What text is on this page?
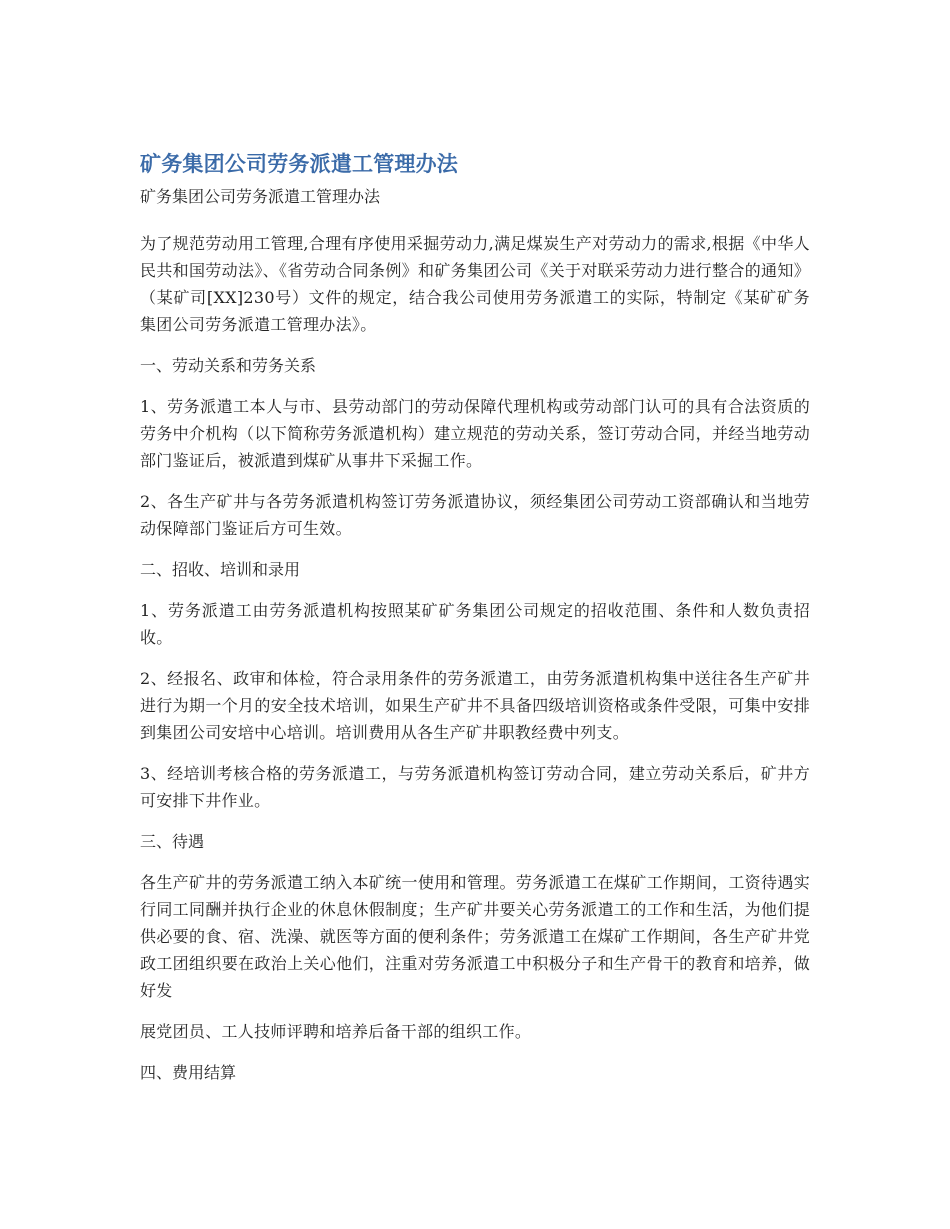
矿务集团公司劳务派遣工管理办法
矿务集团公司劳务派遣工管理办法

为了规范劳动用工管理,合理有序使用采掘劳动力,满足煤炭生产对劳动力的需求,根据《中华人民共和国劳动法》、《省劳动合同条例》和矿务集团公司《关于对联采劳动力进行整合的通知》（某矿司[XX]230号）文件的规定，结合我公司使用劳务派遣工的实际，特制定《某矿矿务集团公司劳务派遣工管理办法》。

一、劳动关系和劳务关系

1、劳务派遣工本人与市、县劳动部门的劳动保障代理机构或劳动部门认可的具有合法资质的劳务中介机构（以下简称劳务派遣机构）建立规范的劳动关系，签订劳动合同，并经当地劳动部门鉴证后，被派遣到煤矿从事井下采掘工作。

2、各生产矿井与各劳务派遣机构签订劳务派遣协议，须经集团公司劳动工资部确认和当地劳动保障部门鉴证后方可生效。

二、招收、培训和录用

1、劳务派遣工由劳务派遣机构按照某矿矿务集团公司规定的招收范围、条件和人数负责招收。

2、经报名、政审和体检，符合录用条件的劳务派遣工，由劳务派遣机构集中送往各生产矿井进行为期一个月的安全技术培训，如果生产矿井不具备四级培训资格或条件受限，可集中安排到集团公司安培中心培训。培训费用从各生产矿井职教经费中列支。

3、经培训考核合格的劳务派遣工，与劳务派遣机构签订劳动合同，建立劳动关系后，矿井方可安排下井作业。

三、待遇

各生产矿井的劳务派遣工纳入本矿统一使用和管理。劳务派遣工在煤矿工作期间，工资待遇实行同工同酬并执行企业的休息休假制度；生产矿井要关心劳务派遣工的工作和生活，为他们提供必要的食、宿、洗澡、就医等方面的便利条件；劳务派遣工在煤矿工作期间，各生产矿井党政工团组织要在政治上关心他们，注重对劳务派遣工中积极分子和生产骨干的教育和培养，做好发

展党团员、工人技师评聘和培养后备干部的组织工作。

四、费用结算
